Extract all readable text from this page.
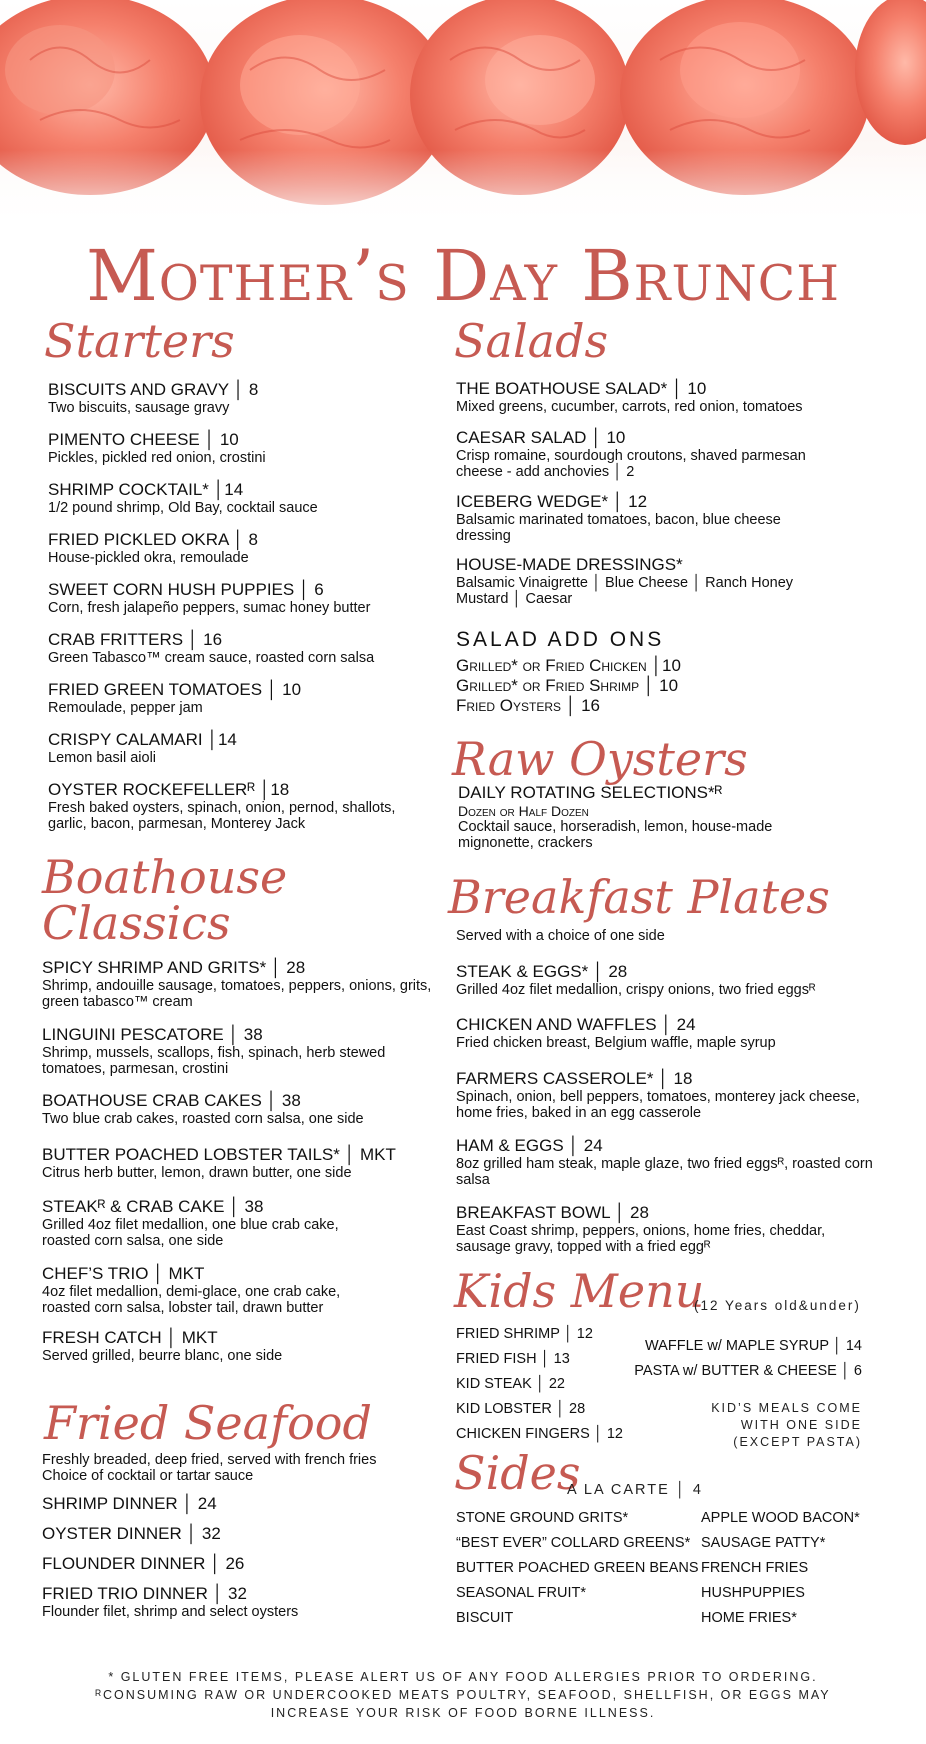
Mother’s Day Brunch
Starters
BISCUITS AND GRAVY │ 8
Two biscuits, sausage gravy
PIMENTO CHEESE │ 10
Pickles, pickled red onion, crostini
SHRIMP COCKTAIL* │14
1/2 pound shrimp, Old Bay, cocktail sauce
FRIED PICKLED OKRA │ 8
House-pickled okra, remoulade
SWEET CORN HUSH PUPPIES │ 6
Corn, fresh jalapeño peppers, sumac honey butter
CRAB FRITTERS │ 16
Green Tabasco™ cream sauce, roasted corn salsa
FRIED GREEN TOMATOES │ 10
Remoulade, pepper jam
CRISPY CALAMARI │14
Lemon basil aioli
OYSTER ROCKEFELLERᴿ │18
Fresh baked oysters, spinach, onion, pernod, shallots, garlic, bacon, parmesan, Monterey Jack
Boathouse
Classics
SPICY SHRIMP AND GRITS* │ 28
Shrimp, andouille sausage, tomatoes, peppers, onions, grits, green tabasco™ cream
LINGUINI PESCATORE │ 38
Shrimp, mussels, scallops, fish, spinach, herb stewed tomatoes, parmesan, crostini
BOATHOUSE CRAB CAKES │ 38
Two blue crab cakes, roasted corn salsa, one side
BUTTER POACHED LOBSTER TAILS* │ MKT
Citrus herb butter, lemon, drawn butter, one side
STEAKᴿ & CRAB CAKE │ 38
Grilled 4oz filet medallion, one blue crab cake, roasted corn salsa, one side
CHEF’S TRIO │ MKT
4oz filet medallion, demi-glace, one crab cake, roasted corn salsa, lobster tail, drawn butter
FRESH CATCH │ MKT
Served grilled, beurre blanc, one side
Fried Seafood
Freshly breaded, deep fried, served with french fries
Choice of cocktail or tartar sauce
SHRIMP DINNER │ 24
OYSTER DINNER │ 32
FLOUNDER DINNER │ 26
FRIED TRIO DINNER │ 32
Flounder filet, shrimp and select oysters
Salads
THE BOATHOUSE SALAD* │ 10
Mixed greens, cucumber, carrots, red onion, tomatoes
CAESAR SALAD │ 10
Crisp romaine, sourdough croutons, shaved parmesan cheese - add anchovies │ 2
ICEBERG WEDGE* │ 12
Balsamic marinated tomatoes, bacon, blue cheese dressing
HOUSE-MADE DRESSINGS*
Balsamic Vinaigrette │ Blue Cheese │ Ranch Honey Mustard │ Caesar
SALAD ADD ONS
Grilled* or Fried Chicken │10
Grilled* or Fried Shrimp │ 10
Fried Oysters │ 16
Raw Oysters
DAILY ROTATING SELECTIONS*ᴿ
Dozen or Half Dozen
Cocktail sauce, horseradish, lemon, house-made mignonette, crackers
Breakfast Plates
Served with a choice of one side
STEAK & EGGS* │ 28
Grilled 4oz filet medallion, crispy onions, two fried eggsᴿ
CHICKEN AND WAFFLES │ 24
Fried chicken breast, Belgium waffle, maple syrup
FARMERS CASSEROLE* │ 18
Spinach, onion, bell peppers, tomatoes, monterey jack cheese, home fries, baked in an egg casserole
HAM & EGGS │ 24
8oz grilled ham steak, maple glaze, two fried eggsᴿ, roasted corn salsa
BREAKFAST BOWL │ 28
East Coast shrimp, peppers, onions, home fries, cheddar, sausage gravy, topped with a fried eggᴿ
Kids Menu
(12 Years old&under)
FRIED SHRIMP │ 12
FRIED FISH │ 13
KID STEAK │ 22
KID LOBSTER │ 28
CHICKEN FINGERS │ 12
WAFFLE w/ MAPLE SYRUP │ 14
PASTA w/ BUTTER & CHEESE │ 6
KID’S MEALS COME
WITH ONE SIDE
(EXCEPT PASTA)
Sides
A LA CARTE │ 4
STONE GROUND GRITS*
“BEST EVER” COLLARD GREENS*
BUTTER POACHED GREEN BEANS
SEASONAL FRUIT*
BISCUIT
APPLE WOOD BACON*
SAUSAGE PATTY*
FRENCH FRIES
HUSHPUPPIES
HOME FRIES*
* GLUTEN FREE ITEMS, PLEASE ALERT US OF ANY FOOD ALLERGIES PRIOR TO ORDERING.
ᴿCONSUMING RAW OR UNDERCOOKED MEATS POULTRY, SEAFOOD, SHELLFISH, OR EGGS MAY
INCREASE YOUR RISK OF FOOD BORNE ILLNESS.
